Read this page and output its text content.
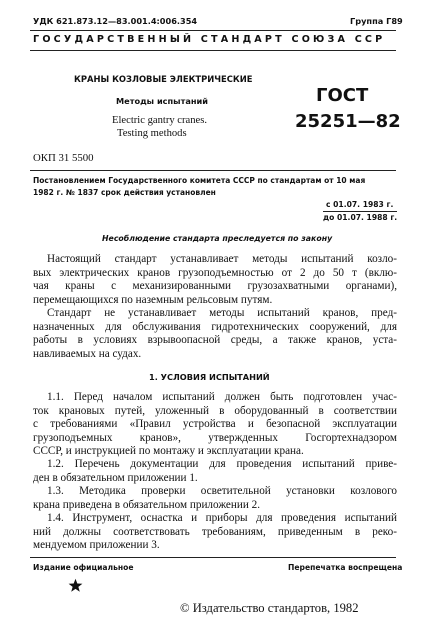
УДК 621.873.12—83.001.4:006.354	Группа Г89
ГОСУДАРСТВЕННЫЙ СТАНДАРТ СОЮЗА ССР
КРАНЫ КОЗЛОВЫЕ ЭЛЕКТРИЧЕСКИЕ
Методы испытаний
Electric gantry cranes.
Testing methods
ГОСТ
25251—82
ОКП 31 5500
Постановлением Государственного комитета СССР по стандартам от 10 мая
1982 г. № 1837 срок действия установлен
с 01.07. 1983 г.
до 01.07. 1988 г.
Несоблюдение стандарта преследуется по закону
Настоящий стандарт устанавливает методы испытаний козло-
вых электрических кранов грузоподъемностью от 2 до 50 т (вклю-
чая краны с механизированными грузозахватными органами),
перемещающихся по наземным рельсовым путям.
Стандарт не устанавливает методы испытаний кранов, пред-
назначенных для обслуживания гидротехнических сооружений, для
работы в условиях взрывоопасной среды, а также кранов, уста-
навливаемых на судах.
1. УСЛОВИЯ ИСПЫТАНИЙ
1.1. Перед началом испытаний должен быть подготовлен учас-
ток крановых путей, уложенный в оборудованный в соответствии
с требованиями «Правил устройства и безопасной эксплуатации
грузоподъемных кранов», утвержденных Госгортехнадзором
СССР, и инструкцией по монтажу и эксплуатации крана.
1.2. Перечень документации для проведения испытаний приве-
ден в обязательном приложении 1.
1.3. Методика проверки осветительной установки козлового
крана приведена в обязательном приложении 2.
1.4. Инструмент, оснастка и приборы для проведения испытаний
ний должны соответствовать требованиям, приведенным в реко-
мендуемом приложении 3.
Издание официальное	Перепечатка воспрещена
© Издательство стандартов, 1982
